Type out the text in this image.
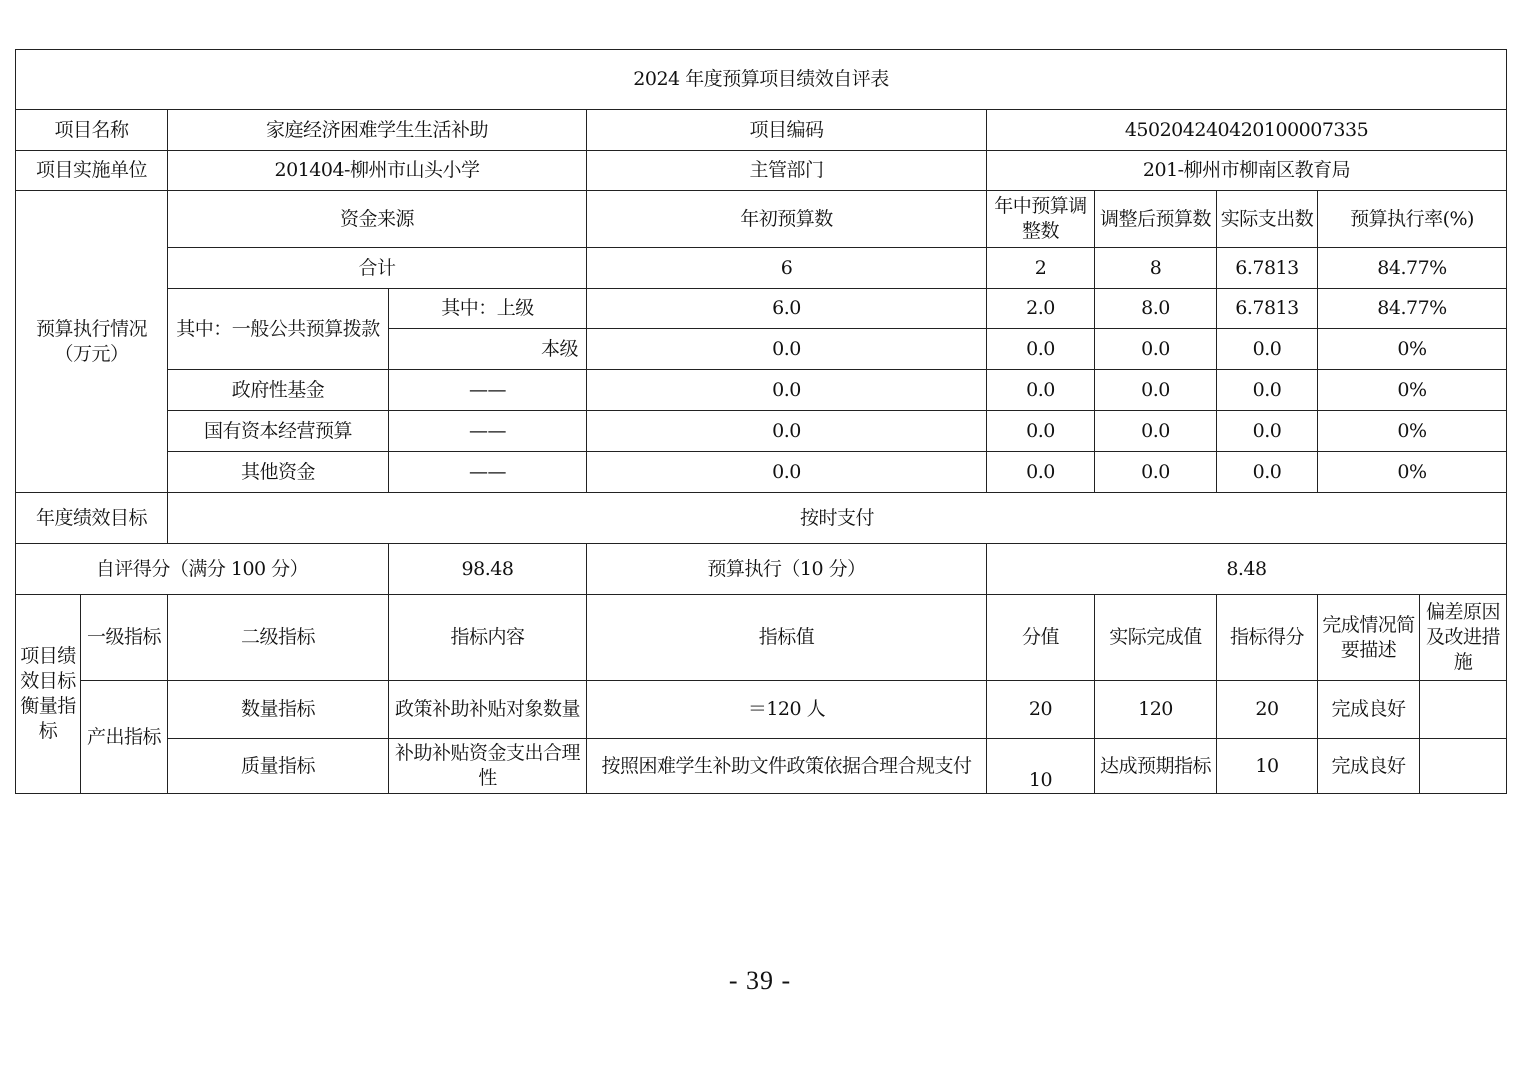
2024 年度预算项目绩效自评表									
项目名称		家庭经济困难学生生活补助		项目编码	450204240420100007335				
项目实施单位		201404-柳州市山头小学		主管部门	201-柳州市柳南区教育局				
预算执行情况（万元）		资金来源		年初预算数	年中预算调整数	调整后预算数	实际支出数	预算执行率(%)	
		合计		6	2	8	6.7813	84.77%	
		其中：一般公共预算拨款	其中：上级	6.0	2.0	8.0	6.7813	84.77%	
			本级	0.0	0.0	0.0	0.0	0%	
		政府性基金	——	0.0	0.0	0.0	0.0	0%	
		国有资本经营预算	——	0.0	0.0	0.0	0.0	0%	
		其他资金	——	0.0	0.0	0.0	0.0	0%	
年度绩效目标		按时支付							
自评得分（满分 100 分）			98.48	预算执行（10 分）	8.48				
项目绩效目标衡量指标	一级指标	二级指标	指标内容	指标值	分值	实际完成值	指标得分	完成情况简要描述	偏差原因及改进措施
	产出指标	数量指标	政策补助补贴对象数量	＝120 人	20	120	20	完成良好	
		质量指标	补助补贴资金支出合理性	按照困难学生补助文件政策依据合理合规支付	10	达成预期指标	10	完成良好	
- 39 -
